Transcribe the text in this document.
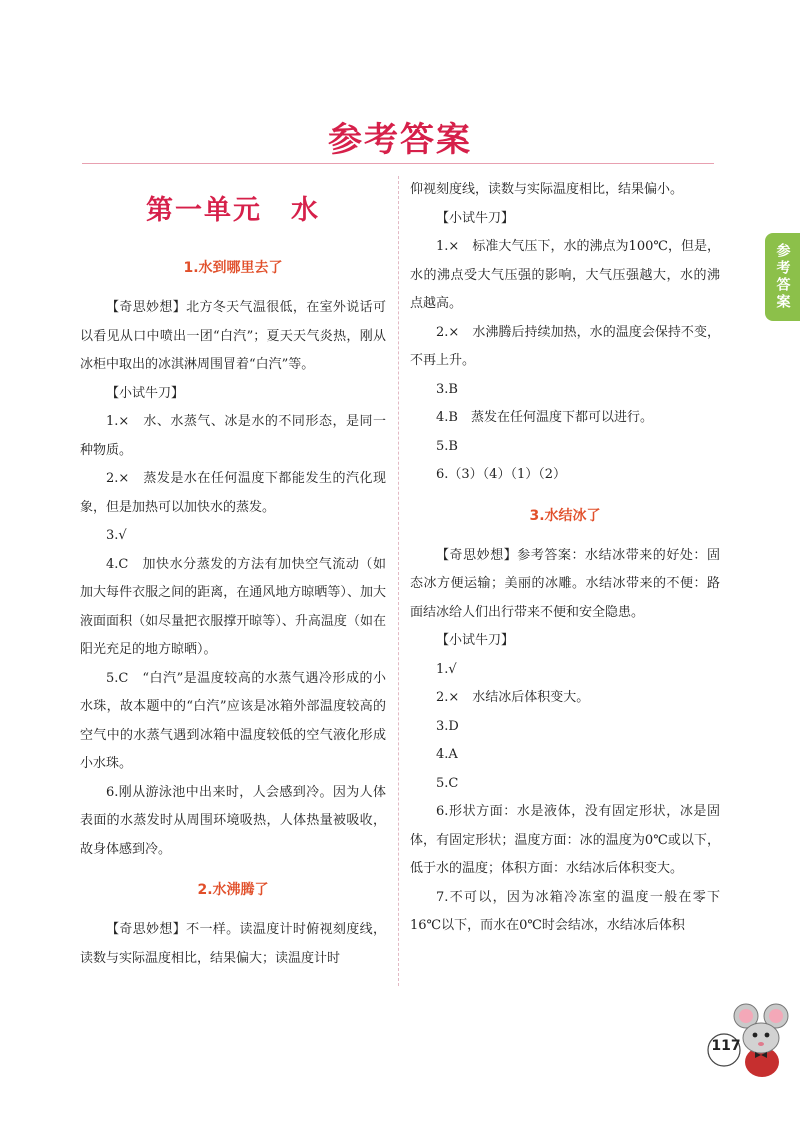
参考答案
参考答案
第一单元　水
1.水到哪里去了

【奇思妙想】北方冬天气温很低，在室外说话可以看见从口中喷出一团“白汽”；夏天天气炎热，刚从冰柜中取出的冰淇淋周围冒着“白汽”等。

【小试牛刀】

1.×　水、水蒸气、冰是水的不同形态，是同一种物质。

2.×　蒸发是水在任何温度下都能发生的汽化现象，但是加热可以加快水的蒸发。

3.√

4.C　加快水分蒸发的方法有加快空气流动（如加大每件衣服之间的距离，在通风地方晾晒等）、加大液面面积（如尽量把衣服撑开晾等）、升高温度（如在阳光充足的地方晾晒）。

5.C　“白汽”是温度较高的水蒸气遇冷形成的小水珠，故本题中的“白汽”应该是冰箱外部温度较高的空气中的水蒸气遇到冰箱中温度较低的空气液化形成小水珠。

6.刚从游泳池中出来时，人会感到冷。因为人体表面的水蒸发时从周围环境吸热，人体热量被吸收，故身体感到冷。

2.水沸腾了

【奇思妙想】不一样。读温度计时俯视刻度线，读数与实际温度相比，结果偏大；读温度计时

仰视刻度线，读数与实际温度相比，结果偏小。

【小试牛刀】

1.×　标准大气压下，水的沸点为100℃，但是，水的沸点受大气压强的影响，大气压强越大，水的沸点越高。

2.×　水沸腾后持续加热，水的温度会保持不变，不再上升。

3.B

4.B　蒸发在任何温度下都可以进行。

5.B

6.（3）（4）（1）（2）

3.水结冰了

【奇思妙想】参考答案：水结冰带来的好处：固态冰方便运输；美丽的冰雕。水结冰带来的不便：路面结冰给人们出行带来不便和安全隐患。

【小试牛刀】

1.√

2.×　水结冰后体积变大。

3.D

4.A

5.C

6.形状方面：水是液体，没有固定形状，冰是固体，有固定形状；温度方面：冰的温度为0℃或以下，低于水的温度；体积方面：水结冰后体积变大。

7.不可以，因为冰箱冷冻室的温度一般在零下16℃以下，而水在0℃时会结冰，水结冰后体积

117
